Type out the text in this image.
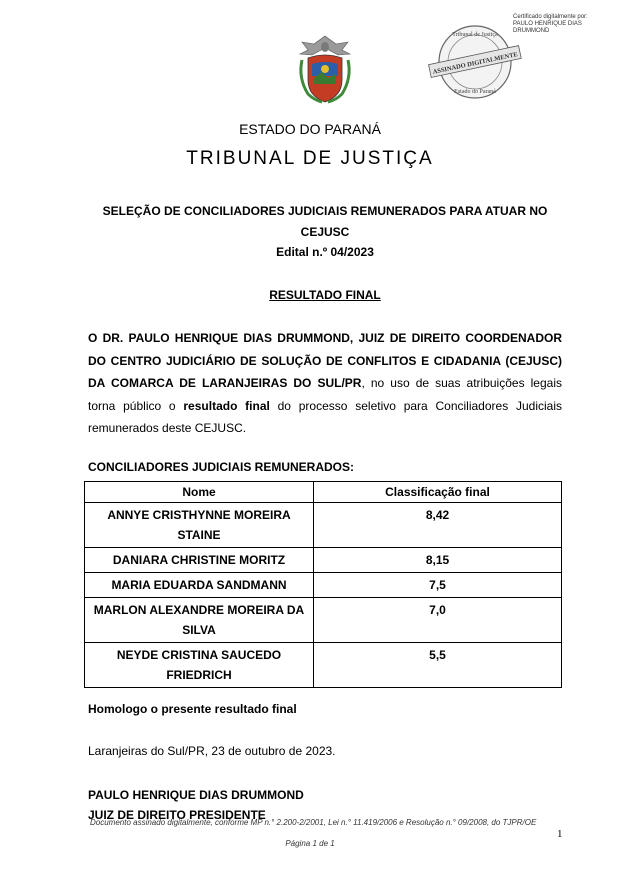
Certificado digitalmente por:
PAULO HENRIQUE DIAS
DRUMMOND
ASSINADO DIGITALMENTE
Tribunal de Justiça
Estado do Paraná
ESTADO DO PARANÁ
TRIBUNAL DE JUSTIÇA
SELEÇÃO DE CONCILIADORES JUDICIAIS REMUNERADOS PARA ATUAR NO CEJUSC
Edital n.º 04/2023
RESULTADO FINAL
O DR. PAULO HENRIQUE DIAS DRUMMOND, JUIZ DE DIREITO COORDENADOR DO CENTRO JUDICIÁRIO DE SOLUÇÃO DE CONFLITOS E CIDADANIA (CEJUSC) DA COMARCA DE LARANJEIRAS DO SUL/PR, no uso de suas atribuições legais torna público o resultado final do processo seletivo para Conciliadores Judiciais remunerados deste CEJUSC.
CONCILIADORES JUDICIAIS REMUNERADOS:
Nome	Classificação final
ANNYE CRISTHYNNE MOREIRA STAINE	8,42
DANIARA CHRISTINE MORITZ	8,15
MARIA EDUARDA SANDMANN	7,5
MARLON ALEXANDRE MOREIRA DA SILVA	7,0
NEYDE CRISTINA SAUCEDO FRIEDRICH	5,5
Homologo o presente resultado final
Laranjeiras do Sul/PR, 23 de outubro de 2023.
PAULO HENRIQUE DIAS DRUMMOND
JUIZ DE DIREITO PRESIDENTE
Documento assinado digitalmente, conforme MP n.° 2.200-2/2001, Lei n.° 11.419/2006 e Resolução n.° 09/2008, do TJPR/OE
1
Página 1 de 1
